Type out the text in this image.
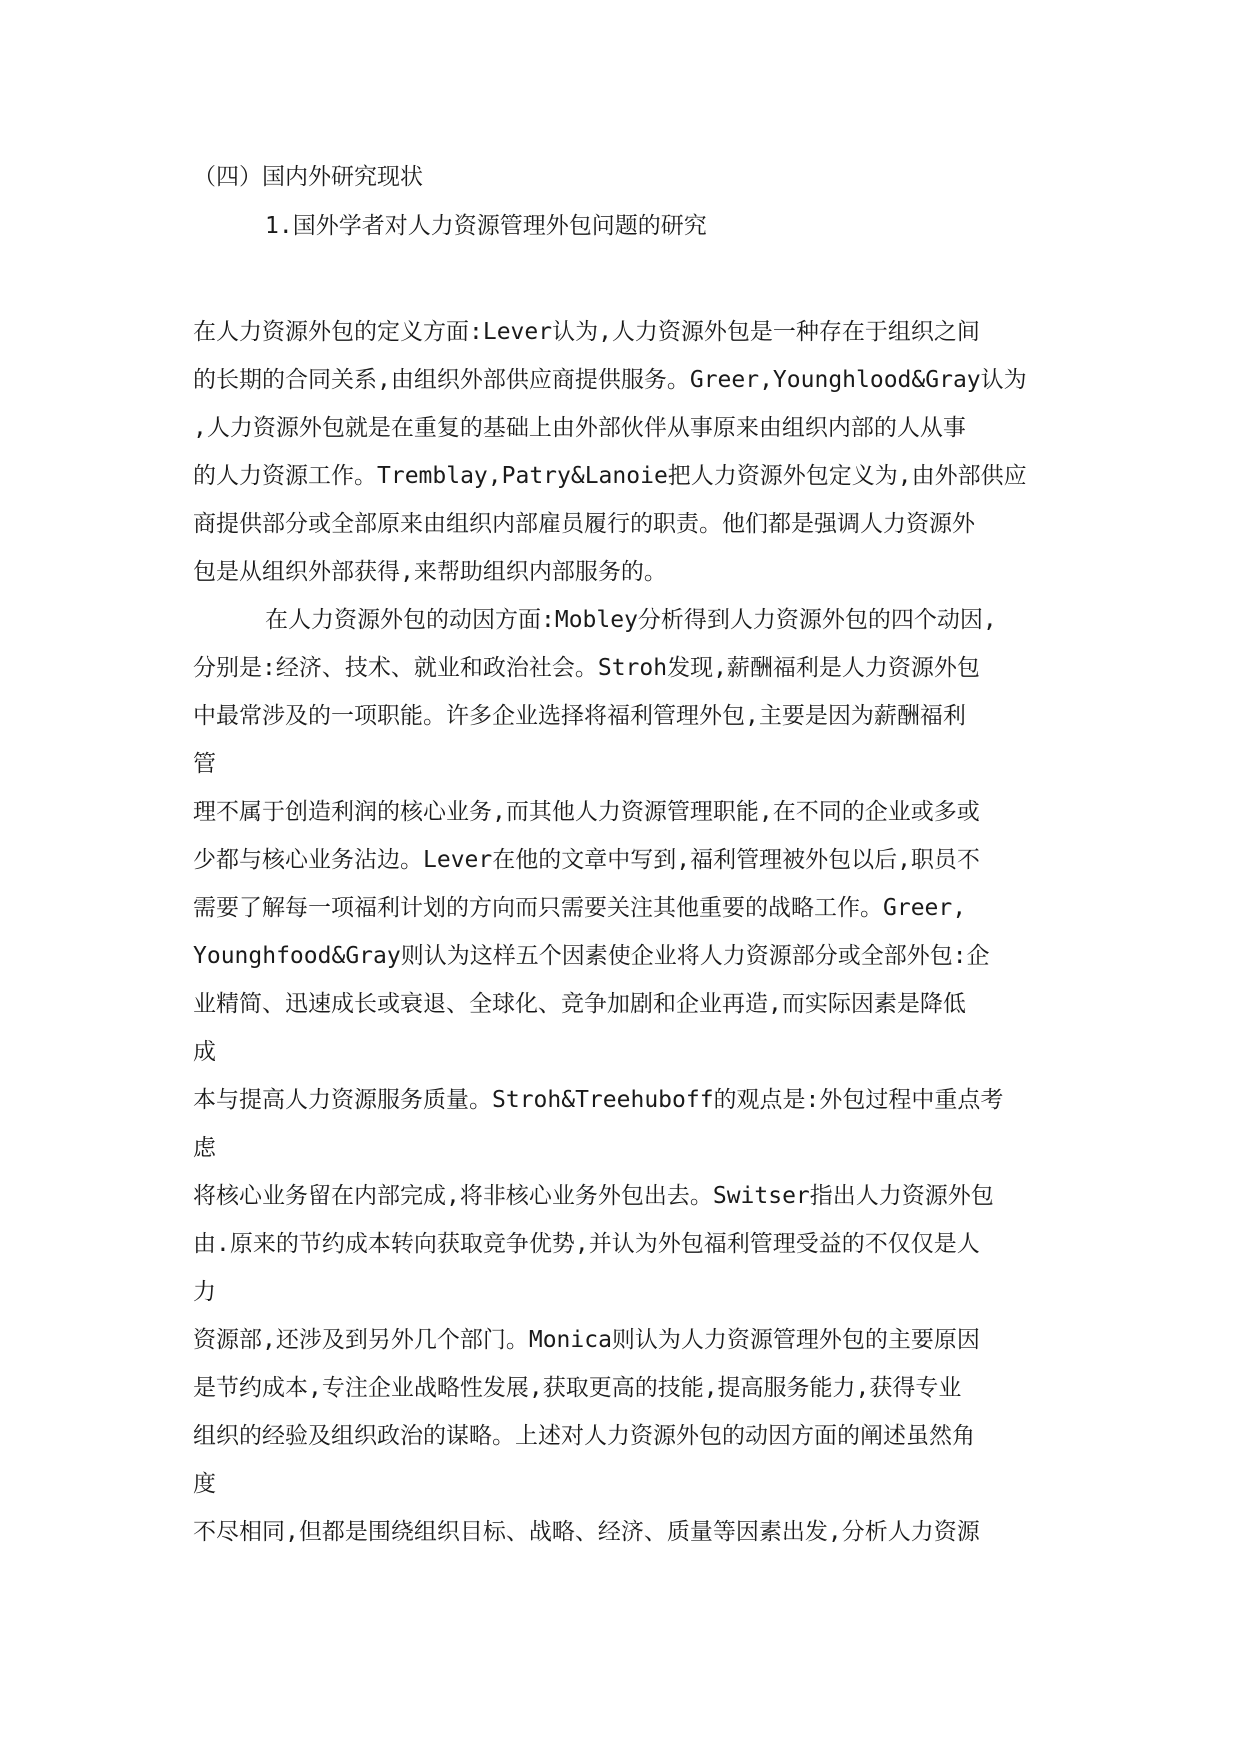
（四）国内外研究现状
1.国外学者对人力资源管理外包问题的研究
在人力资源外包的定义方面:Lever认为,人力资源外包是一种存在于组织之间
的长期的合同关系,由组织外部供应商提供服务。Greer,Younghlood&Gray认为
,人力资源外包就是在重复的基础上由外部伙伴从事原来由组织内部的人从事
的人力资源工作。Tremblay,Patry&Lanoie把人力资源外包定义为,由外部供应
商提供部分或全部原来由组织内部雇员履行的职责。他们都是强调人力资源外
包是从组织外部获得,来帮助组织内部服务的。
在人力资源外包的动因方面:Mobley分析得到人力资源外包的四个动因,
分别是:经济、技术、就业和政治社会。Stroh发现,薪酬福利是人力资源外包
中最常涉及的一项职能。许多企业选择将福利管理外包,主要是因为薪酬福利
管
理不属于创造利润的核心业务,而其他人力资源管理职能,在不同的企业或多或
少都与核心业务沾边。Lever在他的文章中写到,福利管理被外包以后,职员不
需要了解每一项福利计划的方向而只需要关注其他重要的战略工作。Greer,
Younghfood&Gray则认为这样五个因素使企业将人力资源部分或全部外包:企
业精简、迅速成长或衰退、全球化、竞争加剧和企业再造,而实际因素是降低
成
本与提高人力资源服务质量。Stroh&Treehuboff的观点是:外包过程中重点考
虑
将核心业务留在内部完成,将非核心业务外包出去。Switser指出人力资源外包
由.原来的节约成本转向获取竞争优势,并认为外包福利管理受益的不仅仅是人
力
资源部,还涉及到另外几个部门。Monica则认为人力资源管理外包的主要原因
是节约成本,专注企业战略性发展,获取更高的技能,提高服务能力,获得专业
组织的经验及组织政治的谋略。上述对人力资源外包的动因方面的阐述虽然角
度
不尽相同,但都是围绕组织目标、战略、经济、质量等因素出发,分析人力资源
